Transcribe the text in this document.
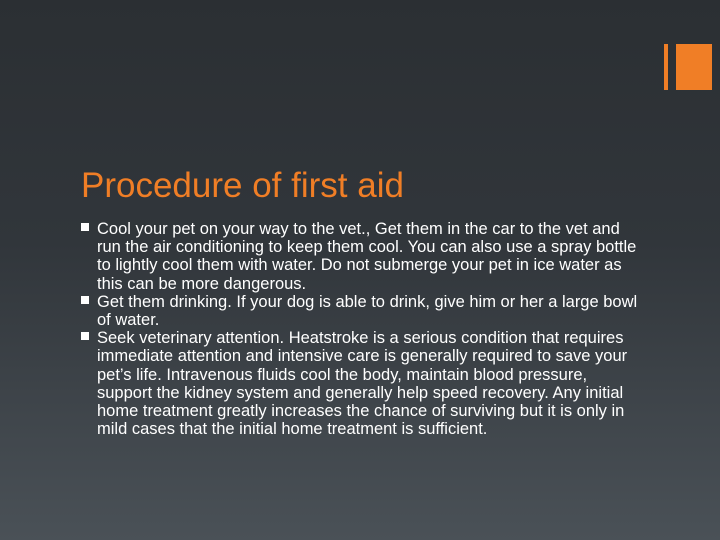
Procedure of first aid
Cool your pet on your way to the vet., Get them in the car to the vet and run the air conditioning to keep them cool. You can also use a spray bottle to lightly cool them with water. Do not submerge your pet in ice water as this can be more dangerous.
Get them drinking. If your dog is able to drink, give him or her a large bowl of water.
Seek veterinary attention. Heatstroke is a serious condition that requires immediate attention and intensive care is generally required to save your pet’s life. Intravenous fluids cool the body, maintain blood pressure, support the kidney system and generally help speed recovery. Any initial home treatment greatly increases the chance of surviving but it is only in mild cases that the initial home treatment is sufficient.
